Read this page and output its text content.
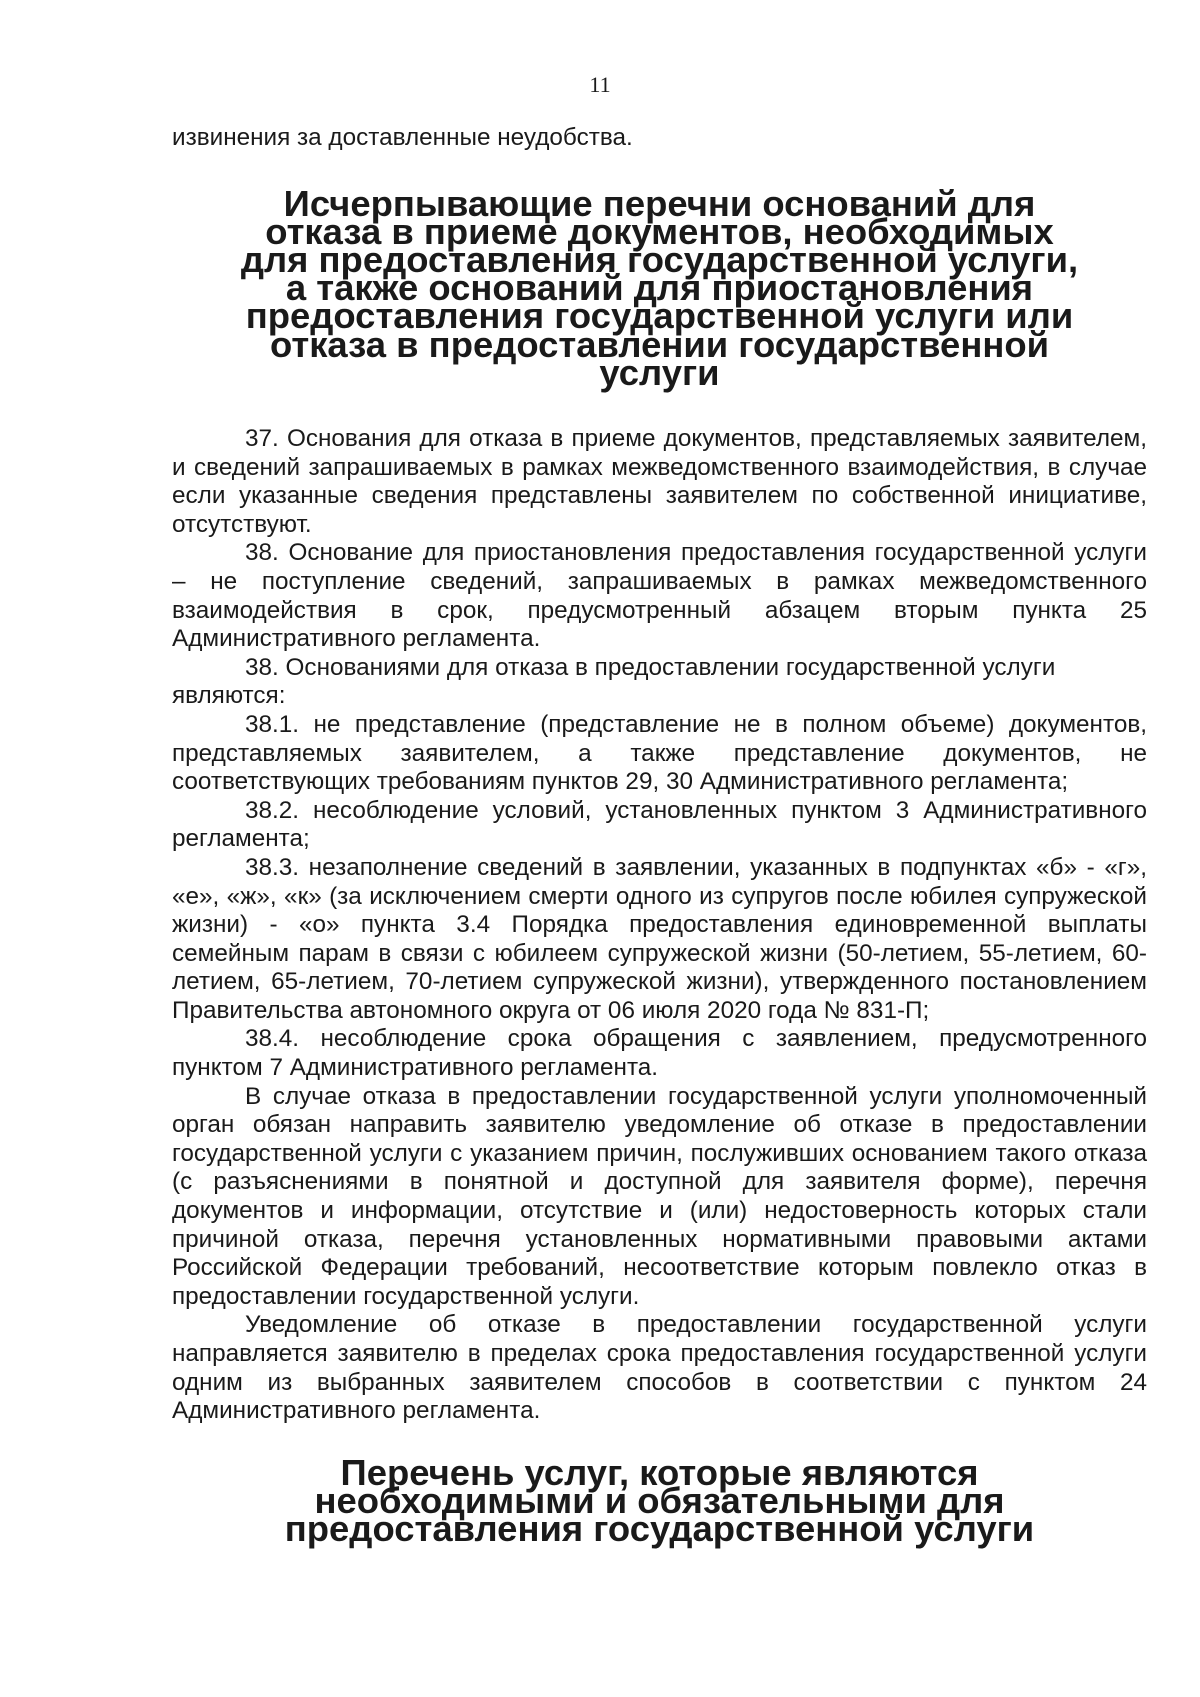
11

извинения за доставленные неудобства.

Исчерпывающие перечни оснований для отказа в приеме документов, необходимых для предоставления государственной услуги, а также оснований для приостановления предоставления государственной услуги или отказа в предоставлении государственной услуги

37. Основания для отказа в приеме документов, представляемых заявителем, и сведений запрашиваемых в рамках межведомственного взаимодействия, в случае если указанные сведения представлены заявителем по собственной инициативе, отсутствуют.

38. Основание для приостановления предоставления государственной услуги – не поступление сведений, запрашиваемых в рамках межведомственного взаимодействия в срок, предусмотренный абзацем вторым пункта 25 Административного регламента.

38. Основаниями для отказа в предоставлении государственной услуги являются:

38.1. не представление (представление не в полном объеме) документов, представляемых заявителем, а также представление документов, не соответствующих требованиям пунктов 29, 30 Административного регламента;

38.2. несоблюдение условий, установленных пунктом 3 Административного регламента;

38.3. незаполнение сведений в заявлении, указанных в подпунктах «б» - «г», «е», «ж», «к» (за исключением смерти одного из супругов после юбилея супружеской жизни) - «о» пункта 3.4 Порядка предоставления единовременной выплаты семейным парам в связи с юбилеем супружеской жизни (50-летием, 55-летием, 60-летием, 65-летием, 70-летием супружеской жизни), утвержденного постановлением Правительства автономного округа от 06 июля 2020 года № 831-П;

38.4. несоблюдение срока обращения с заявлением, предусмотренного пунктом 7 Административного регламента.

В случае отказа в предоставлении государственной услуги уполномоченный орган обязан направить заявителю уведомление об отказе в предоставлении государственной услуги с указанием причин, послуживших основанием такого отказа (с разъяснениями в понятной и доступной для заявителя форме), перечня документов и информации, отсутствие и (или) недостоверность которых стали причиной отказа, перечня установленных нормативными правовыми актами Российской Федерации требований, несоответствие которым повлекло отказ в предоставлении государственной услуги.

Уведомление об отказе в предоставлении государственной услуги направляется заявителю в пределах срока предоставления государственной услуги одним из выбранных заявителем способов в соответствии с пунктом 24 Административного регламента.

Перечень услуг, которые являются необходимыми и обязательными для предоставления государственной услуги
